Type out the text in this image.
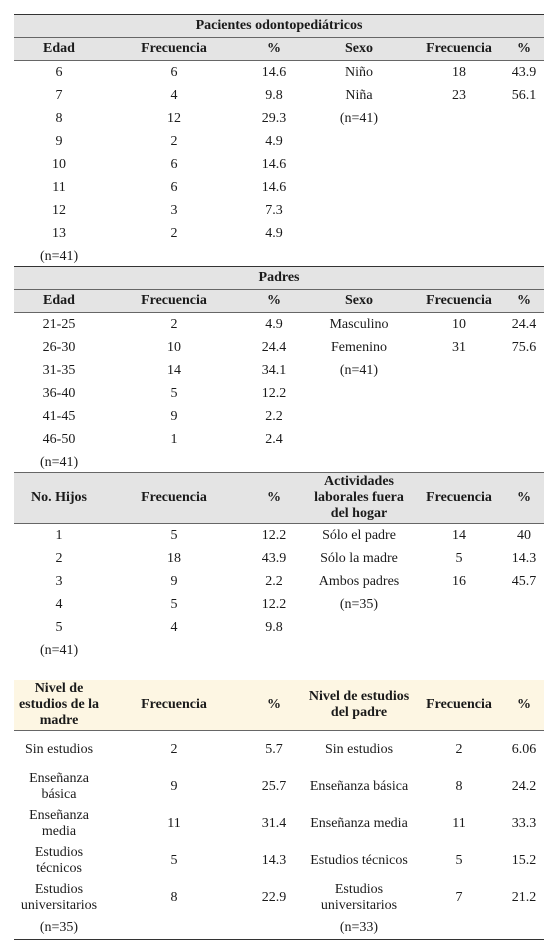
Pacientes odontopediátricos					
Edad	Frecuencia	%	Sexo	Frecuencia	%
6	6	14.6	Niño	18	43.9
7	4	9.8	Niña	23	56.1
8	12	29.3	(n=41)		
9	2	4.9			
10	6	14.6			
11	6	14.6			
12	3	7.3			
13	2	4.9			
(n=41)					
Padres					
Edad	Frecuencia	%	Sexo	Frecuencia	%
21-25	2	4.9	Masculino	10	24.4
26-30	10	24.4	Femenino	31	75.6
31-35	14	34.1	(n=41)		
36-40	5	12.2			
41-45	9	2.2			
46-50	1	2.4			
(n=41)					
No. Hijos	Frecuencia	%	Actividades laborales fuera del hogar	Frecuencia	%
1	5	12.2	Sólo el padre	14	40
2	18	43.9	Sólo la madre	5	14.3
3	9	2.2	Ambos padres	16	45.7
4	5	12.2	(n=35)		
5	4	9.8			
(n=41)					
Nivel de estudios de la madre	Frecuencia	%	Nivel de estudios del padre	Frecuencia	%
Sin estudios	2	5.7	Sin estudios	2	6.06
Enseñanza básica	9	25.7	Enseñanza básica	8	24.2
Enseñanza media	11	31.4	Enseñanza media	11	33.3
Estudios técnicos	5	14.3	Estudios técnicos	5	15.2
Estudios universitarios	8	22.9	Estudios universitarios	7	21.2
(n=35)			(n=33)		
